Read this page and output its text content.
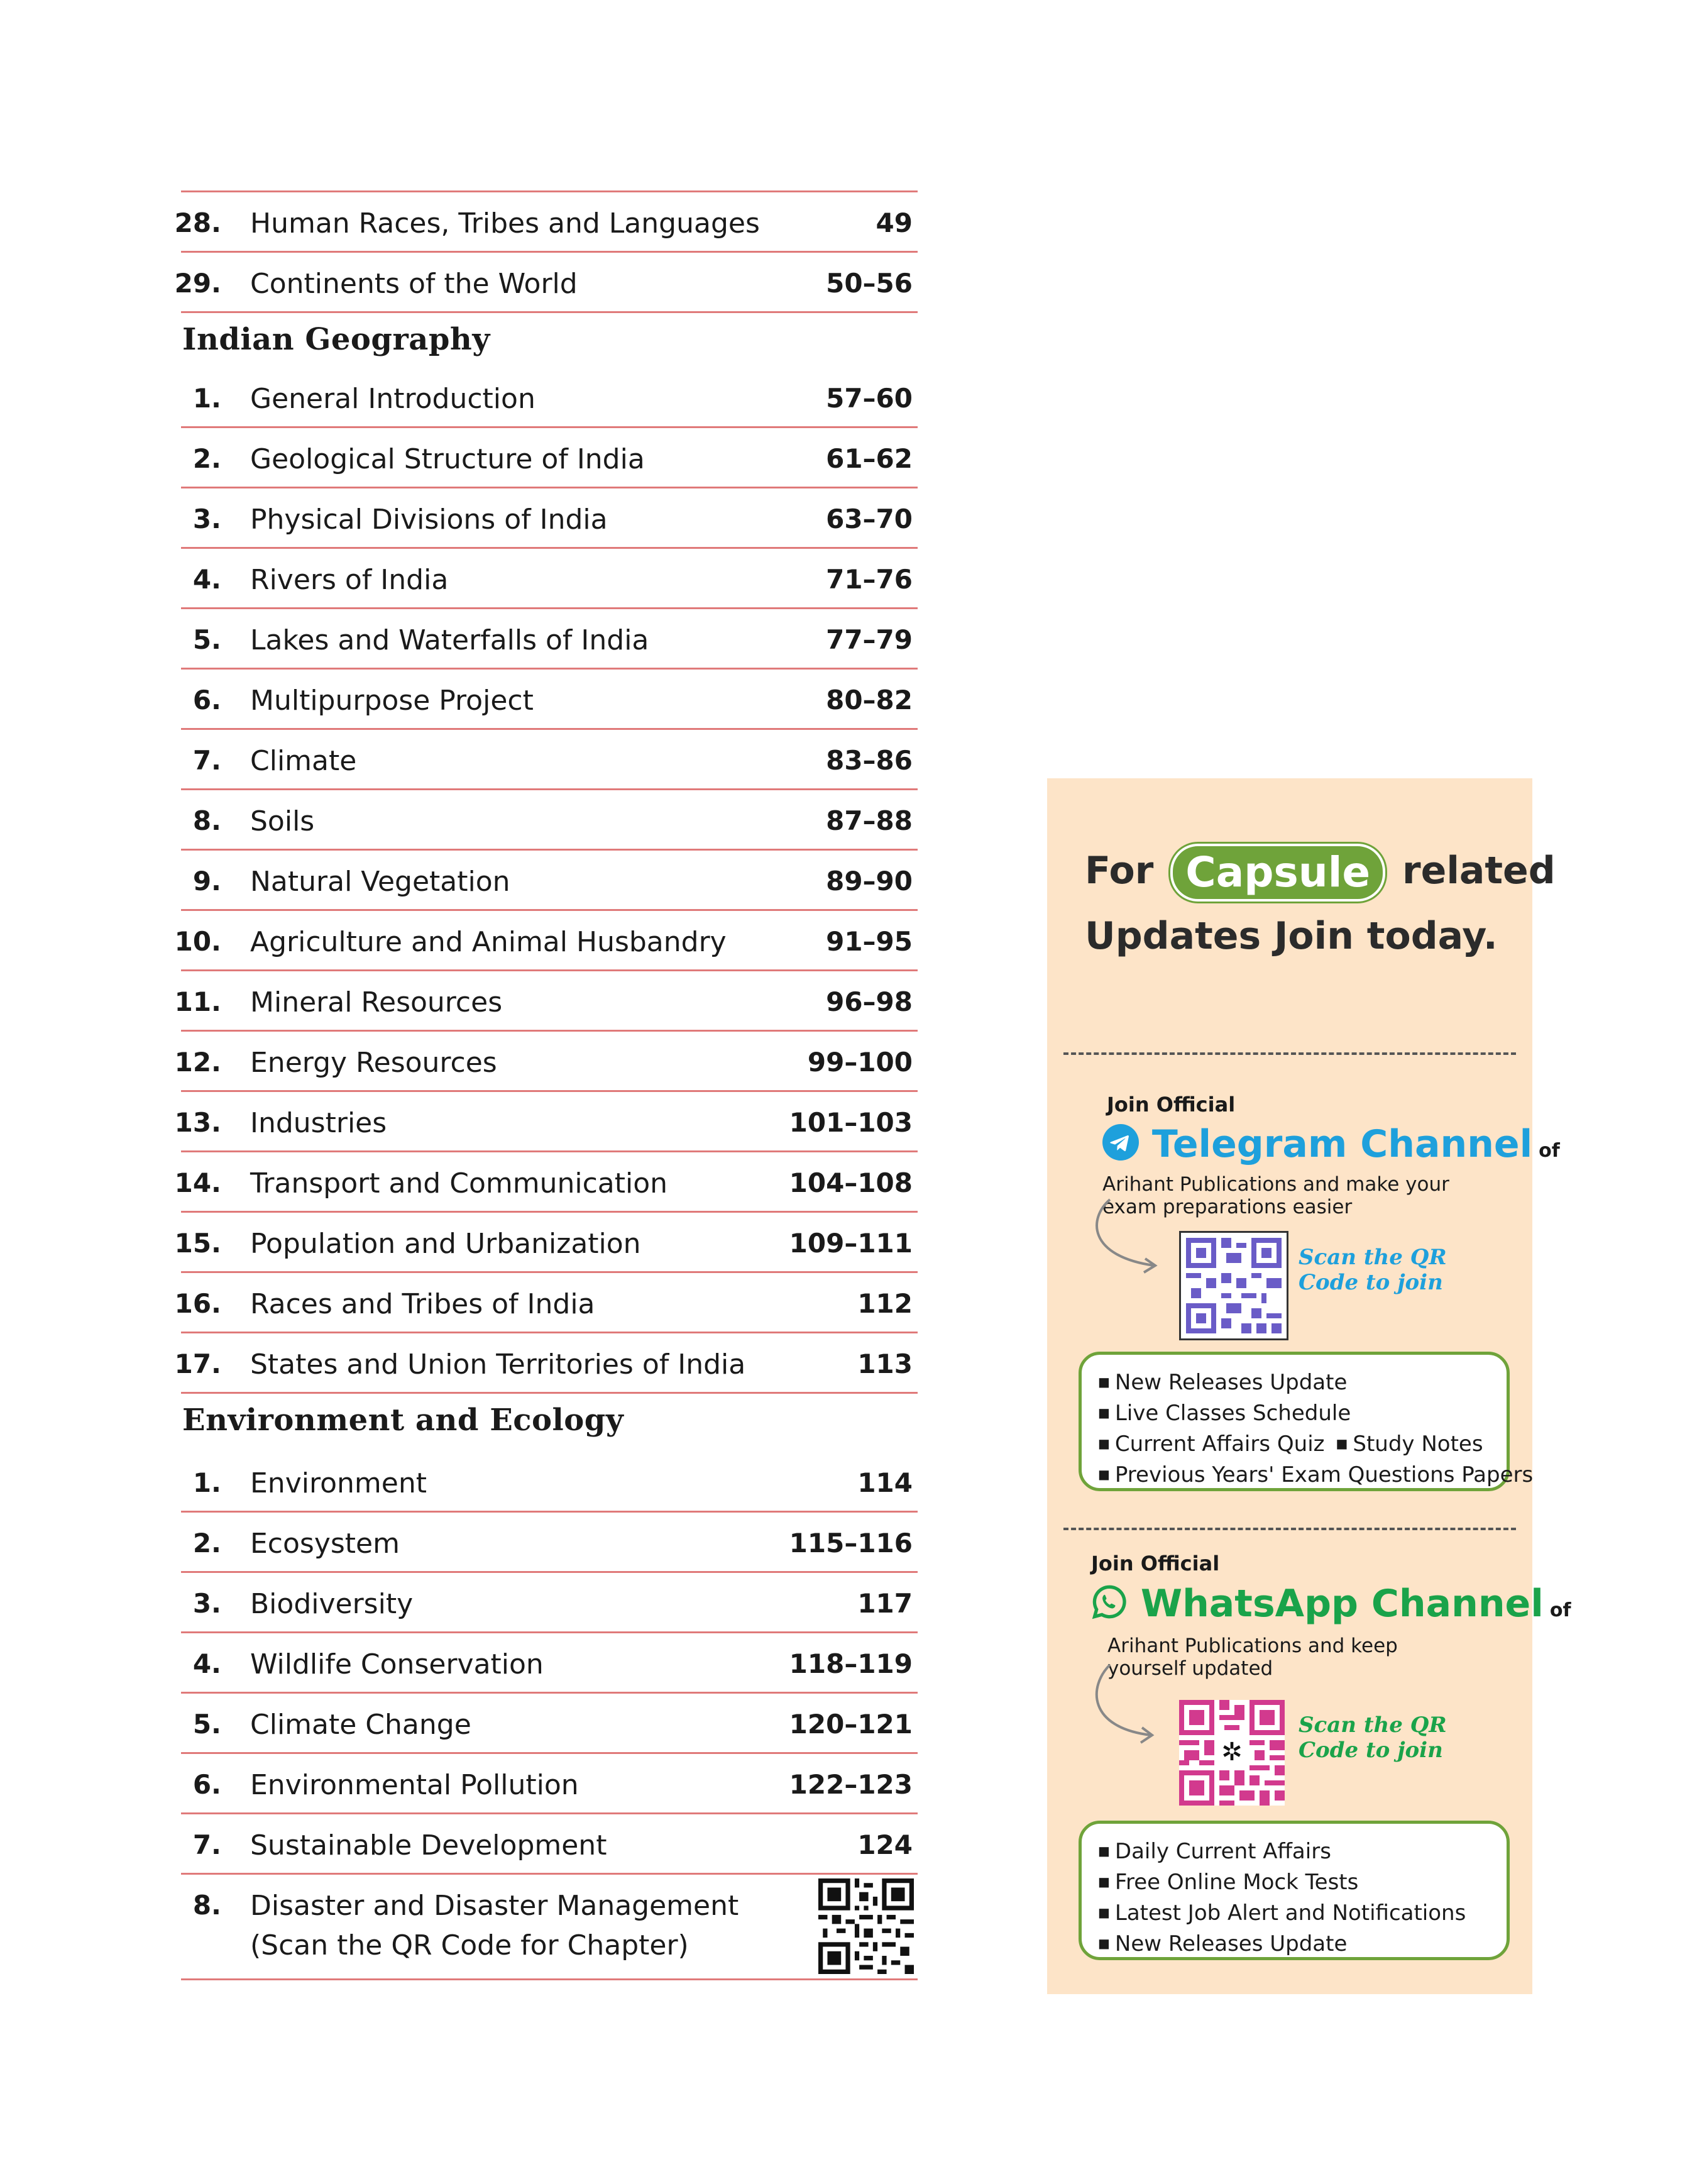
28. Human Races, Tribes and Languages	49
29. Continents of the World	50–56
Indian Geography
1. General Introduction	57–60
2. Geological Structure of India	61–62
3. Physical Divisions of India	63–70
4. Rivers of India	71–76
5. Lakes and Waterfalls of India	77–79
6. Multipurpose Project	80–82
7. Climate	83–86
8. Soils	87–88
9. Natural Vegetation	89–90
10. Agriculture and Animal Husbandry	91–95
11. Mineral Resources	96–98
12. Energy Resources	99–100
13. Industries	101–103
14. Transport and Communication	104–108
15. Population and Urbanization	109–111
16. Races and Tribes of India	112
17. States and Union Territories of India	113
Environment and Ecology
1. Environment	114
2. Ecosystem	115–116
3. Biodiversity	117
4. Wildlife Conservation	118–119
5. Climate Change	120–121
6. Environmental Pollution	122–123
7. Sustainable Development	124
8. Disaster and Disaster Management
(Scan the QR Code for Chapter)
For Capsule related
Updates Join today.
Join Official
Telegram Channel of
Arihant Publications and make your
exam preparations easier
Scan the QR
Code to join
■ New Releases Update
■ Live Classes Schedule
■ Current Affairs Quiz ■ Study Notes
■ Previous Years' Exam Questions Papers
Join Official
WhatsApp Channel of
Arihant Publications and keep
yourself updated
✲
Scan the QR
Code to join
■ Daily Current Affairs
■ Free Online Mock Tests
■ Latest Job Alert and Notifications
■ New Releases Update
